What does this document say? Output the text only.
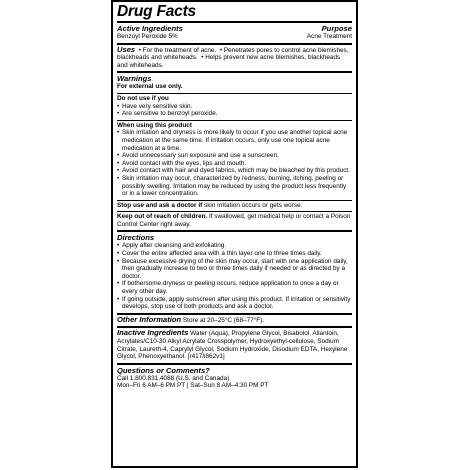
Drug Facts
Active Ingredients	Purpose
Benzoyl Peroxide 5%	Acne Treatment
Uses  • For the treatment of acne.  • Penetrates pores to control acne blemishes, blackheads and whiteheads.  • Helps prevent new acne blemishes, blackheads and whiteheads.
Warnings
For external use only.
Do not use if you
• Have very sensitive skin.
• Are sensitive to benzoyl peroxide.
When using this product
• Skin irritation and dryness is more likely to occur if you use another topical acne medication at the same time. If irritation occurs, only use one topical acne medication at a time.
• Avoid unnecessary sun exposure and use a sunscreen.
• Avoid contact with the eyes, lips and mouth.
• Avoid contact with hair and dyed fabrics, which may be bleached by this product.
• Skin irritation may occur, characterized by redness, burning, itching, peeling or possibly swelling. Irritation may be reduced by using the product less frequently or in a lower concentration.
Stop use and ask a doctor if skin irritation occurs or gets worse.
Keep out of reach of children. If swallowed, get medical help or contact a Poison Control Center right away.
Directions
• Apply after cleansing and exfoliating.
• Cover the entire affected area with a thin layer one to three times daily.
• Because excessive drying of the skin may occur, start with one application daily, then gradually increase to two or three times daily if needed or as directed by a doctor.
• If bothersome dryness or peeling occurs, reduce application to once a day or every other day.
• If going outside, apply sunscreen after using this product. If irritation or sensitivity develops, stop use of both products and ask a doctor.
Other Information Store at 20–25°C (68–77°F).
Inactive Ingredients Water (Aqua), Propylene Glycol, Bisabolol, Allantoin, Acrylates/C10-30 Alkyl Acrylate Crosspolymer, Hydroxyethyl-cellulose, Sodium Citrate, Laureth-4, Caprylyl Glycol, Sodium Hydroxide, Disodium EDTA, Hexylene Glycol, Phenoxyethanol. [r417/i862v1]
Questions or Comments?
Call 1.800.831.4088 (U.S. and Canada)
Mon–Fri 6 AM–6 PM PT | Sat–Sun 8 AM–4:30 PM PT
